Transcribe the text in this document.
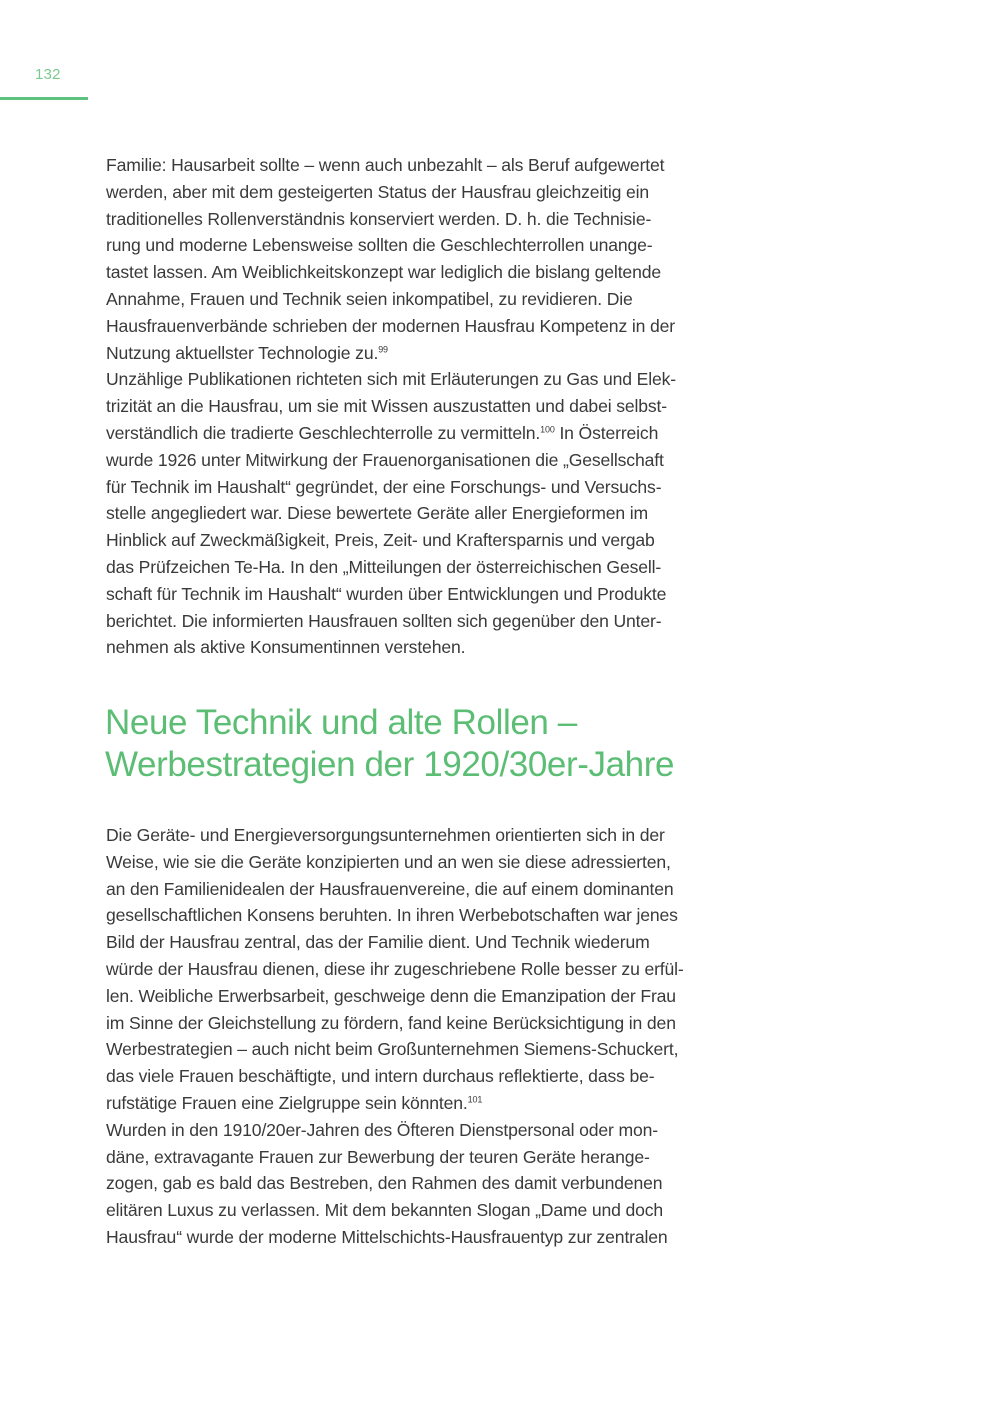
132
Familie: Hausarbeit sollte – wenn auch unbezahlt – als Beruf aufgewertet
werden, aber mit dem gesteigerten Status der Hausfrau gleichzeitig ein
traditionelles Rollenverständnis konserviert werden. D. h. die Technisie-
rung und moderne Lebensweise sollten die Geschlechterrollen unange-
tastet lassen. Am Weiblichkeitskonzept war lediglich die bislang geltende
Annahme, Frauen und Technik seien inkompatibel, zu revidieren. Die
Hausfrauenverbände schrieben der modernen Hausfrau Kompetenz in der
Nutzung aktuellster Technologie zu.$^{99}$
Unzählige Publikationen richteten sich mit Erläuterungen zu Gas und Elek-
trizität an die Hausfrau, um sie mit Wissen auszustatten und dabei selbst-
verständlich die tradierte Geschlechterrolle zu vermitteln.$^{100}$ In Österreich
wurde 1926 unter Mitwirkung der Frauenorganisationen die „Gesellschaft
für Technik im Haushalt“ gegründet, der eine Forschungs- und Versuchs-
stelle angegliedert war. Diese bewertete Geräte aller Energieformen im
Hinblick auf Zweckmäßigkeit, Preis, Zeit- und Kraftersparnis und vergab
das Prüfzeichen Te-Ha. In den „Mitteilungen der österreichischen Gesell-
schaft für Technik im Haushalt“ wurden über Entwicklungen und Produkte
berichtet. Die informierten Hausfrauen sollten sich gegenüber den Unter-
nehmen als aktive Konsumentinnen verstehen.
Neue Technik und alte Rollen –
Werbestrategien der 1920/30er-Jahre
Die Geräte- und Energieversorgungsunternehmen orientierten sich in der
Weise, wie sie die Geräte konzipierten und an wen sie diese adressierten,
an den Familienidealen der Hausfrauenvereine, die auf einem dominanten
gesellschaftlichen Konsens beruhten. In ihren Werbebotschaften war jenes
Bild der Hausfrau zentral, das der Familie dient. Und Technik wiederum
würde der Hausfrau dienen, diese ihr zugeschriebene Rolle besser zu erfül-
len. Weibliche Erwerbsarbeit, geschweige denn die Emanzipation der Frau
im Sinne der Gleichstellung zu fördern, fand keine Berücksichtigung in den
Werbestrategien – auch nicht beim Großunternehmen Siemens-Schuckert,
das viele Frauen beschäftigte, und intern durchaus reflektierte, dass be-
rufstätige Frauen eine Zielgruppe sein könnten.$^{101}$
Wurden in den 1910/20er-Jahren des Öfteren Dienstpersonal oder mon-
däne, extravagante Frauen zur Bewerbung der teuren Geräte herange-
zogen, gab es bald das Bestreben, den Rahmen des damit verbundenen
elitären Luxus zu verlassen. Mit dem bekannten Slogan „Dame und doch
Hausfrau“ wurde der moderne Mittelschichts-Hausfrauentyp zur zentralen
